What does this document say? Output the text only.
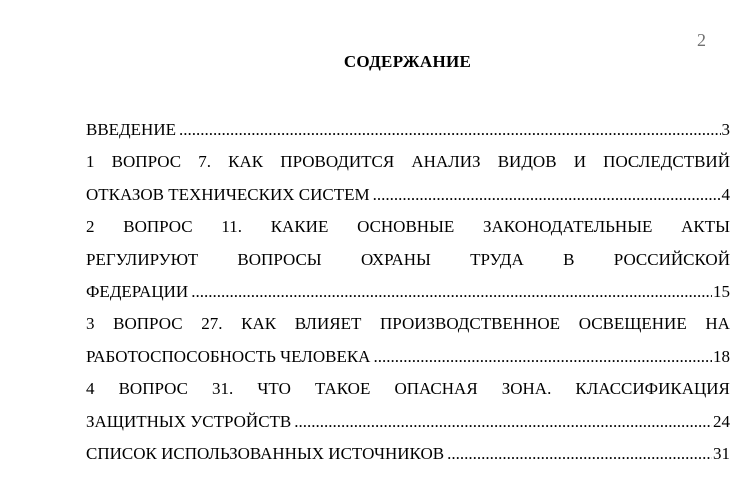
2
СОДЕРЖАНИЕ
ВВЕДЕНИЕ .....	3
1 ВОПРОС 7. КАК ПРОВОДИТСЯ АНАЛИЗ ВИДОВ И ПОСЛЕДСТВИЙ
ОТКАЗОВ ТЕХНИЧЕСКИХ СИСТЕМ .....	4
2 ВОПРОС 11. КАКИЕ ОСНОВНЫЕ ЗАКОНОДАТЕЛЬНЫЕ АКТЫ
РЕГУЛИРУЮТ ВОПРОСЫ ОХРАНЫ ТРУДА В РОССИЙСКОЙ
ФЕДЕРАЦИИ .....	15
3 ВОПРОС 27. КАК ВЛИЯЕТ ПРОИЗВОДСТВЕННОЕ ОСВЕЩЕНИЕ НА
РАБОТОСПОСОБНОСТЬ ЧЕЛОВЕКА .....	18
4 ВОПРОС 31. ЧТО ТАКОЕ ОПАСНАЯ ЗОНА. КЛАССИФИКАЦИЯ
ЗАЩИТНЫХ УСТРОЙСТВ .....	24
СПИСОК ИСПОЛЬЗОВАННЫХ ИСТОЧНИКОВ .....	31
